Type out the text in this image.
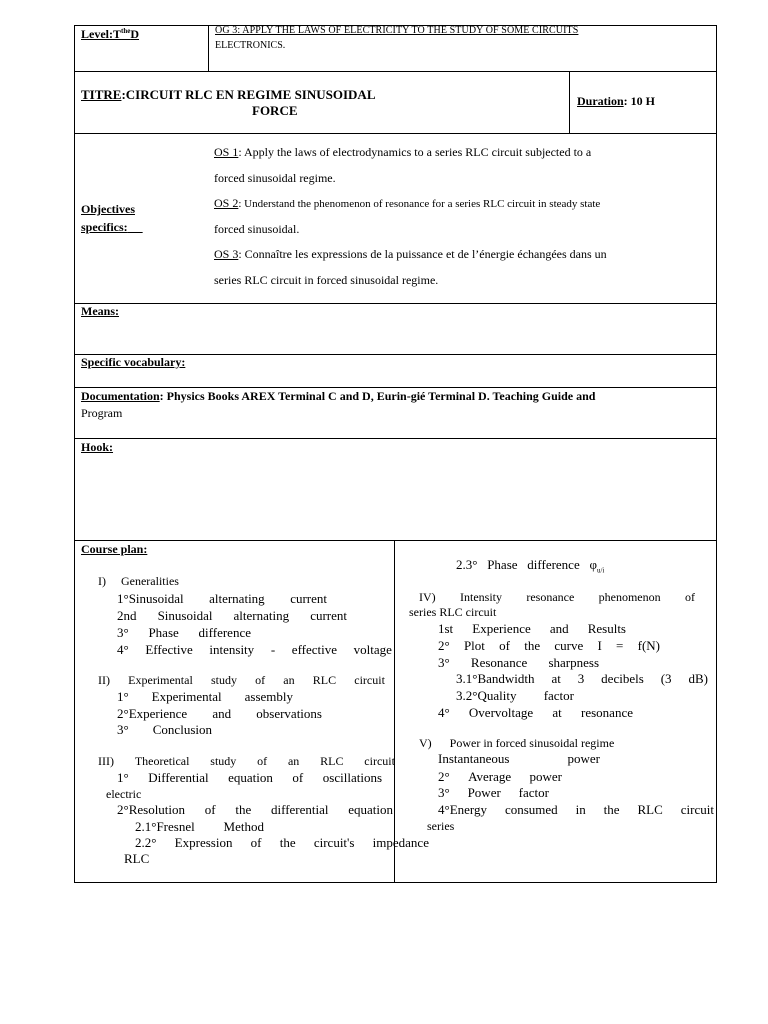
$Level:T^{the}D$	OG 3: APPLY THE LAWS OF ELECTRICITY TO THE STUDY OF SOME CIRCUITS
ELECTRONICS.
TITRE:CIRCUIT RLC EN REGIME SINUSOIDAL
FORCE
Duration: 10 H
Objectives
specifics:
OS 1: Apply the laws of electrodynamics to a series RLC circuit subjected to a
forced sinusoidal regime.
OS 2: Understand the phenomenon of resonance for a series RLC circuit in steady state
forced sinusoidal.
OS 3: Connaître les expressions de la puissance et de l’énergie échangées dans un
series RLC circuit in forced sinusoidal regime.
Means:
Specific vocabulary:
Documentation: Physics Books AREX Terminal C and D, Eurin-gié Terminal D. Teaching Guide and
Program
Hook:
Course plan:
I)     Generalities
1°Sinusoidal alternating current
2nd Sinusoidal alternating current
3° Phase difference
4° Effective intensity - effective voltage
II) Experimental study of an RLC circuit
1° Experimental assembly
2°Experience and observations
3° Conclusion
III) Theoretical study of an RLC circuit
1° Differential equation of oscillations
electric
2°Resolution of the differential equation
2.1°Fresnel Method
2.2° Expression of the circuit's impedance
RLC
2.3°   Phase   difference   $\varphi_{u/i}$
IV) Intensity resonance phenomenon of
series RLC circuit
1st Experience and Results
2° Plot of the curve I = f(N)
3° Resonance sharpness
3.1°Bandwidth at 3 decibels (3 dB)
3.2°Quality factor
4° Overvoltage at resonance
V)      Power in forced sinusoidal regime
Instantaneous	power
2° Average power
3° Power factor
4°Energy consumed in the RLC circuit
series
